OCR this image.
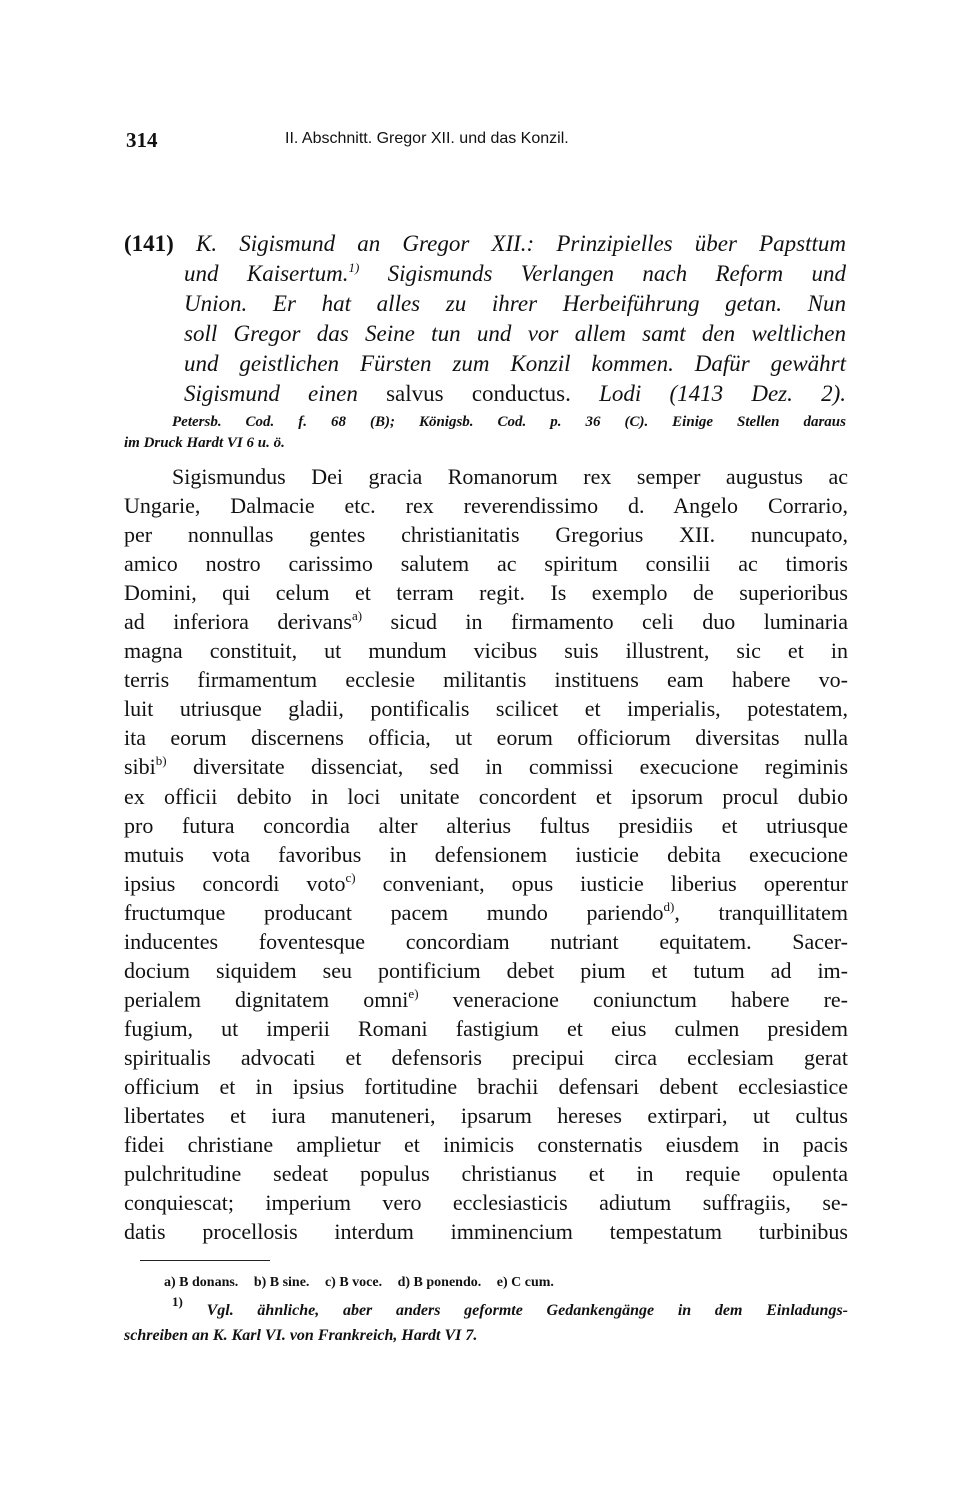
314	II. Abschnitt. Gregor XII. und das Konzil.
(141) K. Sigismund an Gregor XII.: Prinzipielles über Papsttum
und Kaisertum.$^{1)}$ Sigismunds Verlangen nach Reform und
Union. Er hat alles zu ihrer Herbeiführung getan. Nun
soll Gregor das Seine tun und vor allem samt den weltlichen
und geistlichen Fürsten zum Konzil kommen. Dafür gewährt
Sigismund einen salvus conductus. Lodi (1413 Dez. 2).
Petersb. Cod. f. 68 (B); Königsb. Cod. p. 36 (C). Einige Stellen daraus
im Druck Hardt VI 6 u. ö.
Sigismundus Dei gracia Romanorum rex semper augustus ac
Ungarie, Dalmacie etc. rex reverendissimo d. Angelo Corrario,
per nonnullas gentes christianitatis Gregorius XII. nuncupato,
amico nostro carissimo salutem ac spiritum consilii ac timoris
Domini, qui celum et terram regit. Is exemplo de superioribus
ad inferiora derivans$^{a)}$ sicud in firmamento celi duo luminaria
magna constituit, ut mundum vicibus suis illustrent, sic et in
terris firmamentum ecclesie militantis instituens eam habere vo-
luit utriusque gladii, pontificalis scilicet et imperialis, potestatem,
ita eorum discernens officia, ut eorum officiorum diversitas nulla
sibi$^{b)}$ diversitate dissenciat, sed in commissi execucione regiminis
ex officii debito in loci unitate concordent et ipsorum procul dubio
pro futura concordia alter alterius fultus presidiis et utriusque
mutuis vota favoribus in defensionem iusticie debita execucione
ipsius concordi voto$^{c)}$ conveniant, opus iusticie liberius operentur
fructumque producant pacem mundo pariendo$^{d)}$, tranquillitatem
inducentes foventesque concordiam nutriant equitatem. Sacer-
docium siquidem seu pontificium debet pium et tutum ad im-
perialem dignitatem omni$^{e)}$ veneracione coniunctum habere re-
fugium, ut imperii Romani fastigium et eius culmen presidem
spiritualis advocati et defensoris precipui circa ecclesiam gerat
officium et in ipsius fortitudine brachii defensari debent ecclesiastice
libertates et iura manuteneri, ipsarum hereses extirpari, ut cultus
fidei christiane amplietur et inimicis consternatis eiusdem in pacis
pulchritudine sedeat populus christianus et in requie opulenta
conquiescat; imperium vero ecclesiasticis adiutum suffragiis, se-
datis procellosis interdum imminencium tempestatum turbinibus
a) B donans. b) B sine. c) B voce. d) B ponendo. e) C cum.
$^{1)}$ Vgl. ähnliche, aber anders geformte Gedankengänge in dem Einladungs-
schreiben an K. Karl VI. von Frankreich, Hardt VI 7.
